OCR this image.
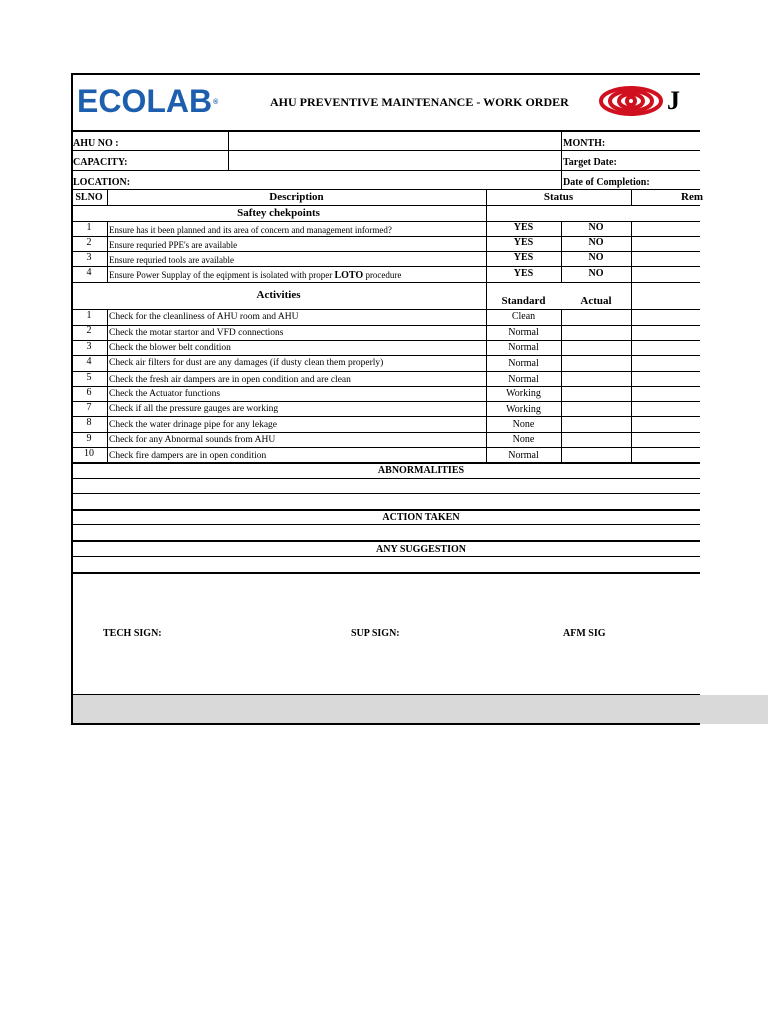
ECOLAB®	AHU PREVENTIVE MAINTENANCE - WORK ORDER	J
AHU NO :
CAPACITY:
LOCATION:
MONTH:
Target Date:
Date of Completion:
SLNO	Description	Status	Rem
Saftey chekpoints
1	Ensure has it been planned and its area of concern and management informed?	YES	NO
2	Ensure requried PPE's are available	YES	NO
3	Ensure requried tools are available	YES	NO
4	Ensure Power Supplay of the eqipment is isolated with proper LOTO procedure	YES	NO
Activities	Standard	Actual
1	Check for the cleanliness of AHU room and AHU	Clean
2	Check the motar startor and VFD connections	Normal
3	Check the blower belt condition	Normal
4	Check air filters for dust are any damages (if dusty clean them properly)	Normal
5	Check the fresh air dampers are in open condition and are clean	Normal
6	Check the Actuator functions	Working
7	Check if all the pressure gauges are working	Working
8	Check the water drinage pipe for any lekage	None
9	Check for any Abnormal sounds from AHU	None
10	Check fire dampers are in open condition	Normal
ABNORMALITIES
ACTION TAKEN
ANY SUGGESTION
TECH SIGN:	SUP SIGN:	AFM SIG
